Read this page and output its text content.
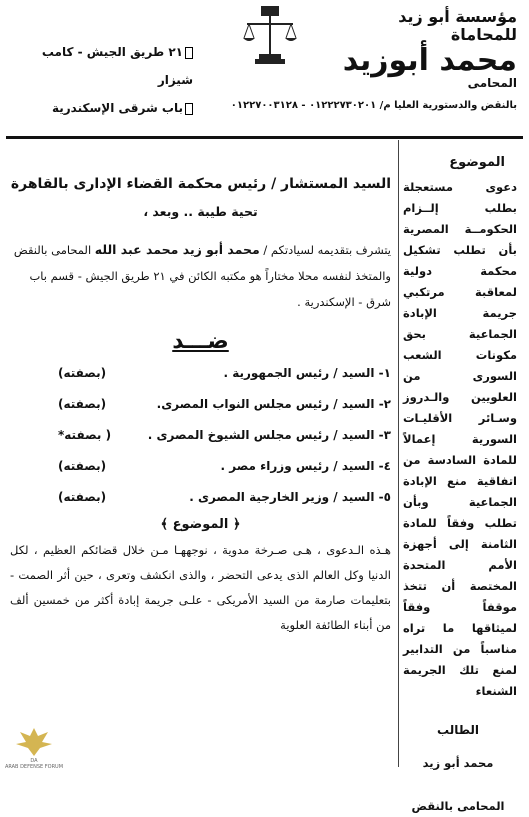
مؤسسة أبو زيد للمحاماة
محمد أبوزيد
المحامى
بالنقض والدستورية العليا م/ ٠١٢٢٢٧٣٠٢٠١ - ٠١٢٢٧٠٠٣١٢٨
٢١ طريق الجيش - كامب شيزار
باب شرقى الإسكندرية
الموضوع
دعوى مستعجلة بطلب إلــزام الحكومــة المصرية بأن تطلب تشكيل محكمة دولية لمعاقبة مرتكبي جريمة الإبادة الجماعية بحق مكونات الشعب السورى من العلويين والـدروز وسـائر الأقليـات السورية إعمالاً للمادة السادسة من اتفاقية منع الإبادة الجماعية وبأن تطلب وفقاً للمادة الثامنة إلى أجهزة الأمم المتحدة المختصة أن تتخذ موقفاً وفقاً لميثاقها ما تراه مناسباً من التدابير لمنع تلك الجريمة الشنعاء
الطالب
محمد أبو زيد
المحامى بالنقض
السيد المستشار / رئيس محكمة القضاء الإدارى بالقاهرة
تحية طيبة .. وبعد ،
يتشرف بتقديمه لسيادتكم / محمد أبو زيد محمد عبد الله المحامى بالنقض والمتخذ لنفسه محلا مختاراً هو مكتبه الكائن في ٢١ طريق الجيش - قسم باب شرق - الإسكندرية .
ضـــد
١- السيد / رئيس الجمهورية .
(بصفته)
٢- السيد / رئيس مجلس النواب المصرى.
(بصفته)
٣- السيد / رئيس مجلس الشيوخ المصرى .
( بصفته*
٤- السيد / رئيس وزراء مصر .
(بصفته)
٥- السيد / وزير الخارجية المصرى .
(بصفته)
﴿ الموضوع ﴾
هـذه الـدعوى ، هـى صـرخة مدوية ، نوجههـا مـن خلال قضائكم العظيم ، لكل الدنيا وكل العالم الذى يدعى التحضر ، والذى انكشف وتعرى ، حين أثر الصمت - بتعليمات صارمة من السيد الأمريكى - علـى جريمة إبادة أكثر من خمسين ألف من أبناء الطائفة العلوية
DA
ARAB DEFENSE FORUM
